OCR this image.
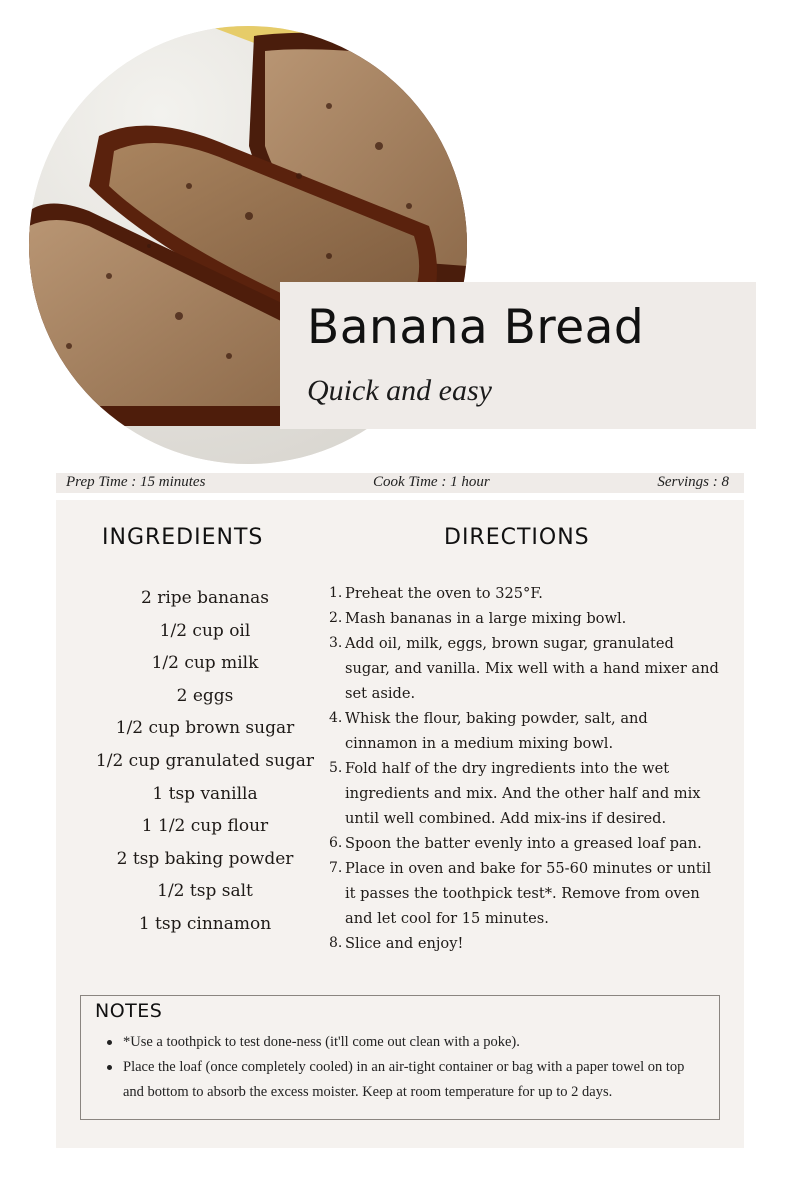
Banana Bread

Quick and easy

Prep Time : 15 minutes	Cook Time : 1 hour	Servings : 8
INGREDIENTS
2 ripe bananas
1/2 cup oil
1/2 cup milk
2 eggs
1/2 cup brown sugar
1/2 cup granulated sugar
1 tsp vanilla
1 1/2 cup flour
2 tsp baking powder
1/2 tsp salt
1 tsp cinnamon
DIRECTIONS
1. Preheat the oven to 325°F.
2. Mash bananas in a large mixing bowl.
3. Add oil, milk, eggs, brown sugar, granulated sugar, and vanilla. Mix well with a hand mixer and set aside.
4. Whisk the flour, baking powder, salt, and cinnamon in a medium mixing bowl.
5. Fold half of the dry ingredients into the wet ingredients and mix. And the other half and mix until well combined. Add mix-ins if desired.
6. Spoon the batter evenly into a greased loaf pan.
7. Place in oven and bake for 55-60 minutes or until it passes the toothpick test*. Remove from oven and let cool for 15 minutes.
8. Slice and enjoy!
NOTES
*Use a toothpick to test done-ness (it'll come out clean with a poke).
Place the loaf (once completely cooled) in an air-tight container or bag with a paper towel on top and bottom to absorb the excess moister. Keep at room temperature for up to 2 days.
